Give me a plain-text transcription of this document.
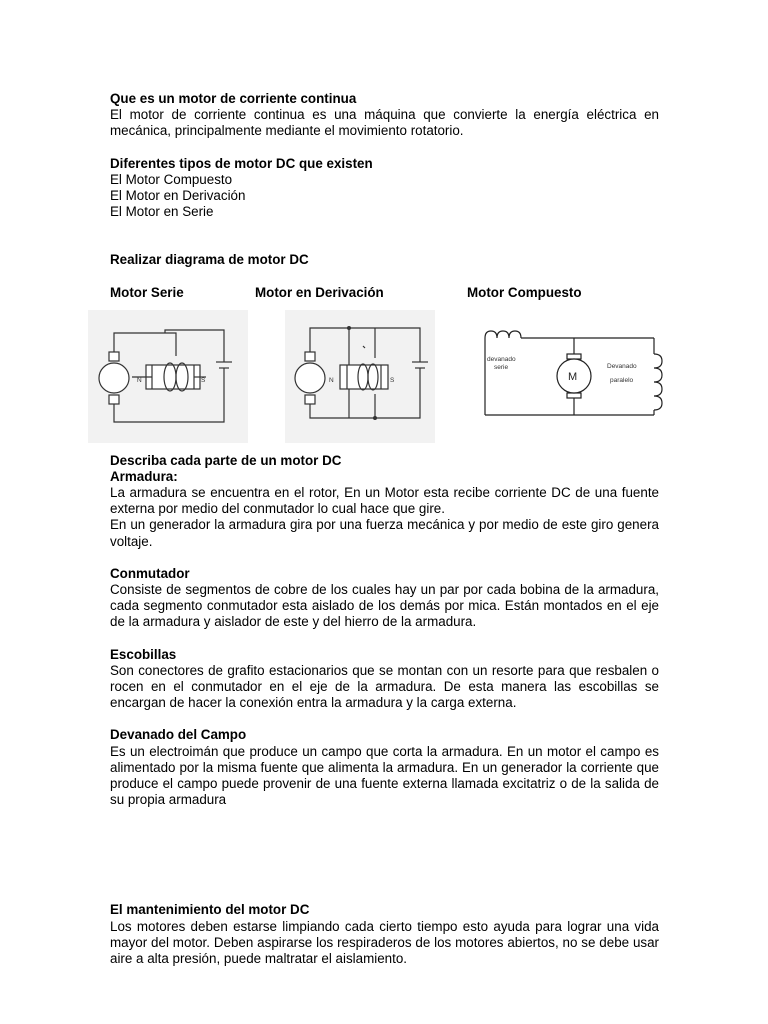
Que es un motor de corriente continua

El motor de corriente continua es una máquina que convierte la energía eléctrica en mecánica, principalmente mediante el movimiento rotatorio.

Diferentes tipos de motor DC que existen

El Motor Compuesto

El Motor en Derivación

El Motor en Serie

Realizar diagrama de motor DC

Motor Serie	Motor en Derivación	Motor Compuesto
N	S	N	S
devanado
serie
M
Devanado
paralelo

Describa cada parte de un motor DC

Armadura:

La armadura se encuentra en el rotor, En un Motor esta recibe corriente DC de una fuente externa por medio del conmutador lo cual hace que gire.

En un generador la armadura gira por una fuerza mecánica y por medio de este giro genera voltaje.

Conmutador

Consiste de segmentos de cobre de los cuales hay un par por cada bobina de la armadura, cada segmento conmutador esta aislado de los demás por mica. Están montados en el eje de la armadura y aislador de este y del hierro de la armadura.

Escobillas

Son conectores de grafito estacionarios que se montan con un resorte para que resbalen o rocen en el conmutador en el eje de la armadura. De esta manera las escobillas se encargan de hacer la conexión entra la armadura y la carga externa.

Devanado del Campo

Es un electroimán que produce un campo que corta la armadura. En un motor el campo es alimentado por la misma fuente que alimenta la armadura. En un generador la corriente que produce el campo puede provenir de una fuente externa llamada excitatriz o de la salida de su propia armadura

El mantenimiento del motor DC

Los motores deben estarse limpiando cada cierto tiempo esto ayuda para lograr una vida mayor del motor. Deben aspirarse los respiraderos de los motores abiertos, no se debe usar aire a alta presión, puede maltratar el aislamiento.
